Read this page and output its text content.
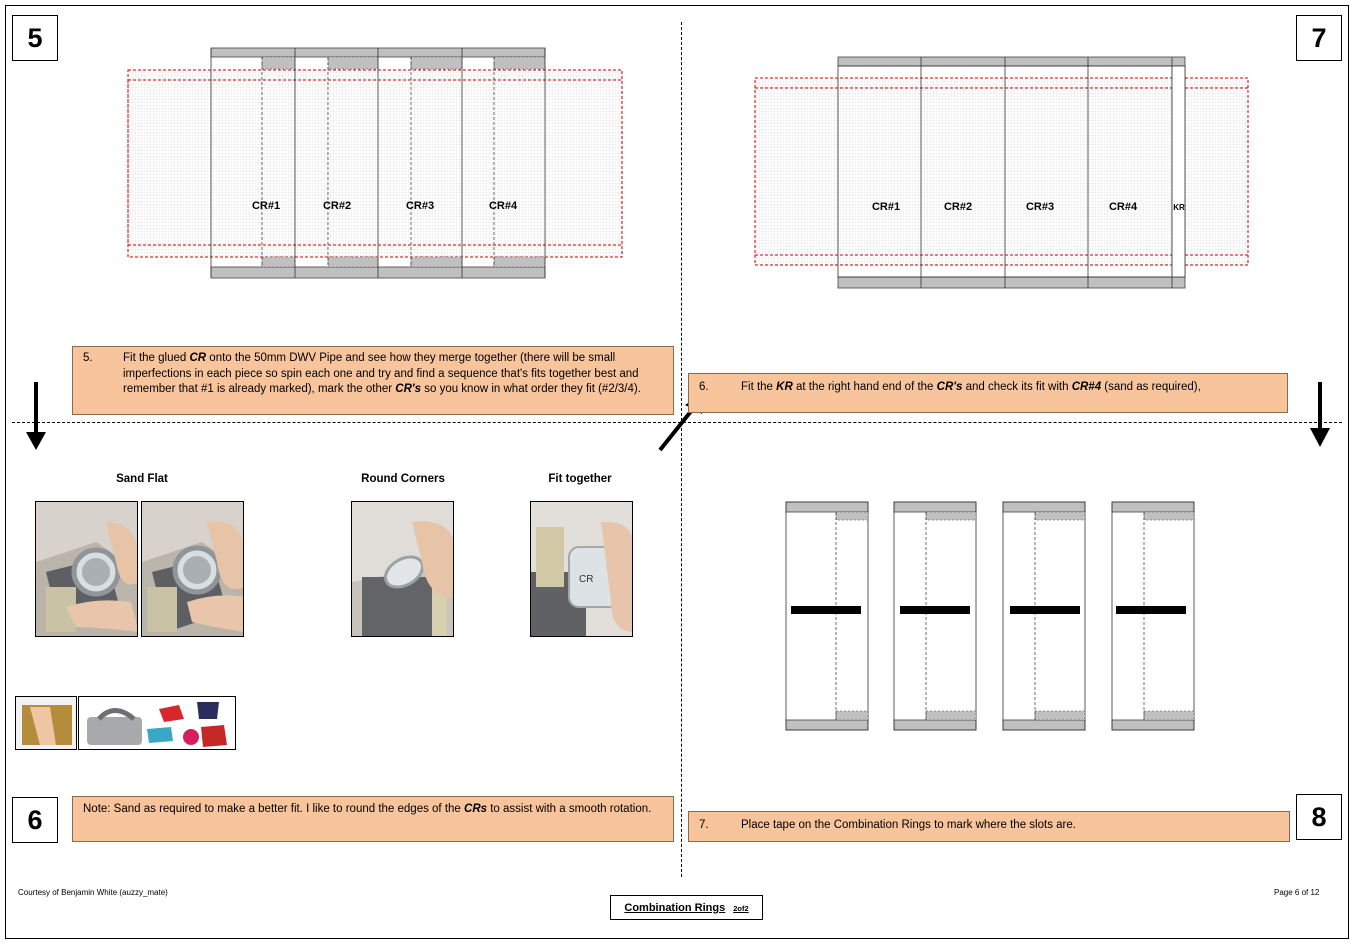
5	7
6	8
CR#1	CR#2	CR#3	CR#4	CR#1	CR#2	CR#3	CR#4	KR
5.	Fit the glued CR onto the 50mm DWV Pipe and see how they merge together (there will be small imperfections in each piece so spin each one and try and find a sequence that's fits together best and remember that #1 is already marked), mark the other CR's so you know in what order they fit (#2/3/4).	6.	Fit the KR at the right hand end of the CR's and check its fit with CR#4 (sand as required),
Note: Sand as required to make a better fit. I like to round the edges of the CRs to assist with a smooth rotation.
7.	Place tape on the Combination Rings to mark where the slots are.
Sand Flat	Round Corners	Fit together
CR
Courtesy of Benjamin White (auzzy_mate)	Page 6 of 12
Combination Rings 2of2
